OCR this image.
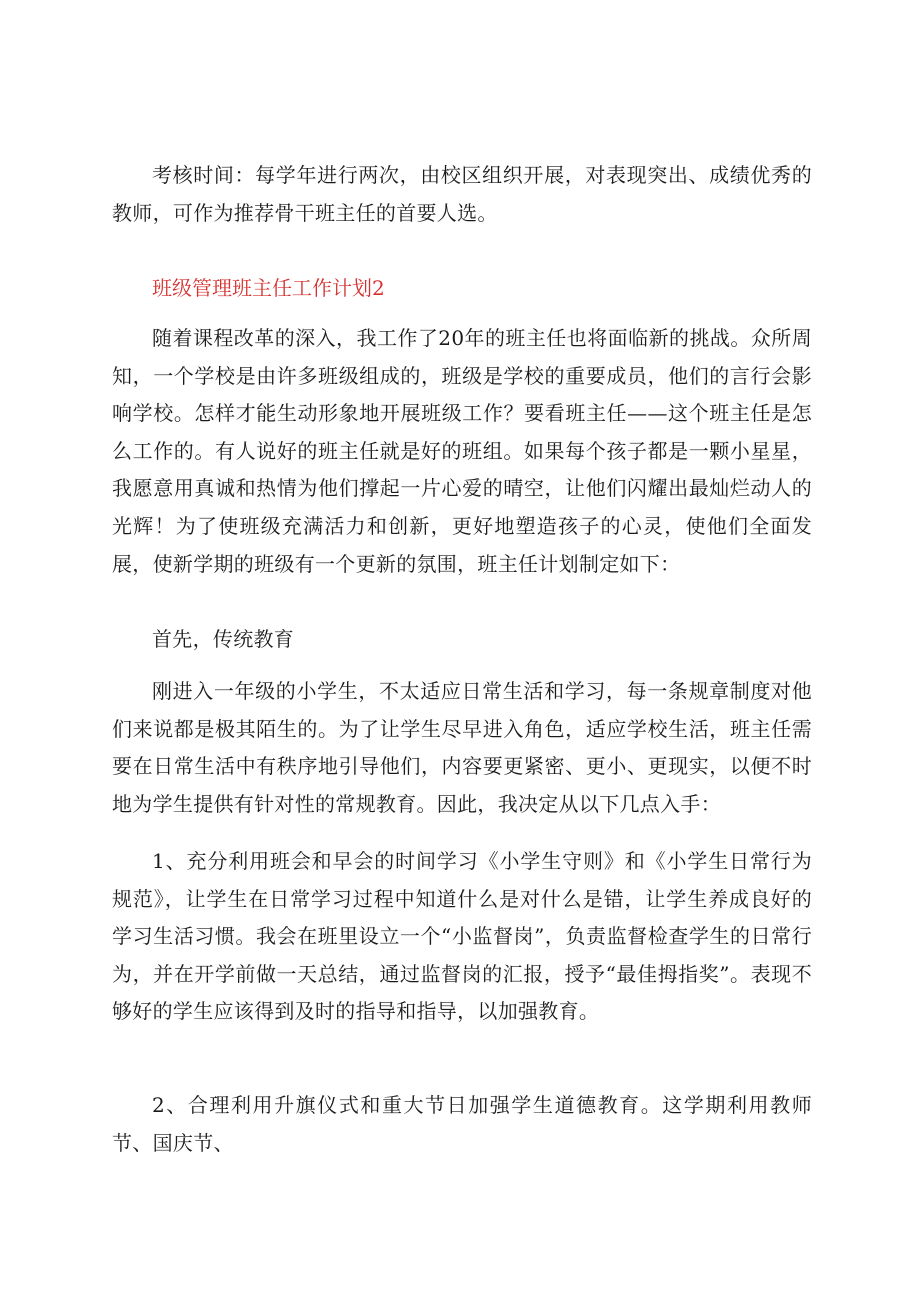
考核时间：每学年进行两次，由校区组织开展，对表现突出、成绩优秀的教师，可作为推荐骨干班主任的首要人选。

班级管理班主任工作计划2

随着课程改革的深入，我工作了20年的班主任也将面临新的挑战。众所周知，一个学校是由许多班级组成的，班级是学校的重要成员，他们的言行会影响学校。怎样才能生动形象地开展班级工作？要看班主任——这个班主任是怎么工作的。有人说好的班主任就是好的班组。如果每个孩子都是一颗小星星，我愿意用真诚和热情为他们撑起一片心爱的晴空，让他们闪耀出最灿烂动人的光辉！为了使班级充满活力和创新，更好地塑造孩子的心灵，使他们全面发展，使新学期的班级有一个更新的氛围，班主任计划制定如下：

首先，传统教育

刚进入一年级的小学生，不太适应日常生活和学习，每一条规章制度对他们来说都是极其陌生的。为了让学生尽早进入角色，适应学校生活，班主任需要在日常生活中有秩序地引导他们，内容要更紧密、更小、更现实，以便不时地为学生提供有针对性的常规教育。因此，我决定从以下几点入手：

1、充分利用班会和早会的时间学习《小学生守则》和《小学生日常行为规范》，让学生在日常学习过程中知道什么是对什么是错，让学生养成良好的学习生活习惯。我会在班里设立一个“小监督岗”，负责监督检查学生的日常行为，并在开学前做一天总结，通过监督岗的汇报，授予“最佳拇指奖”。表现不够好的学生应该得到及时的指导和指导，以加强教育。

2、合理利用升旗仪式和重大节日加强学生道德教育。这学期利用教师节、国庆节、
